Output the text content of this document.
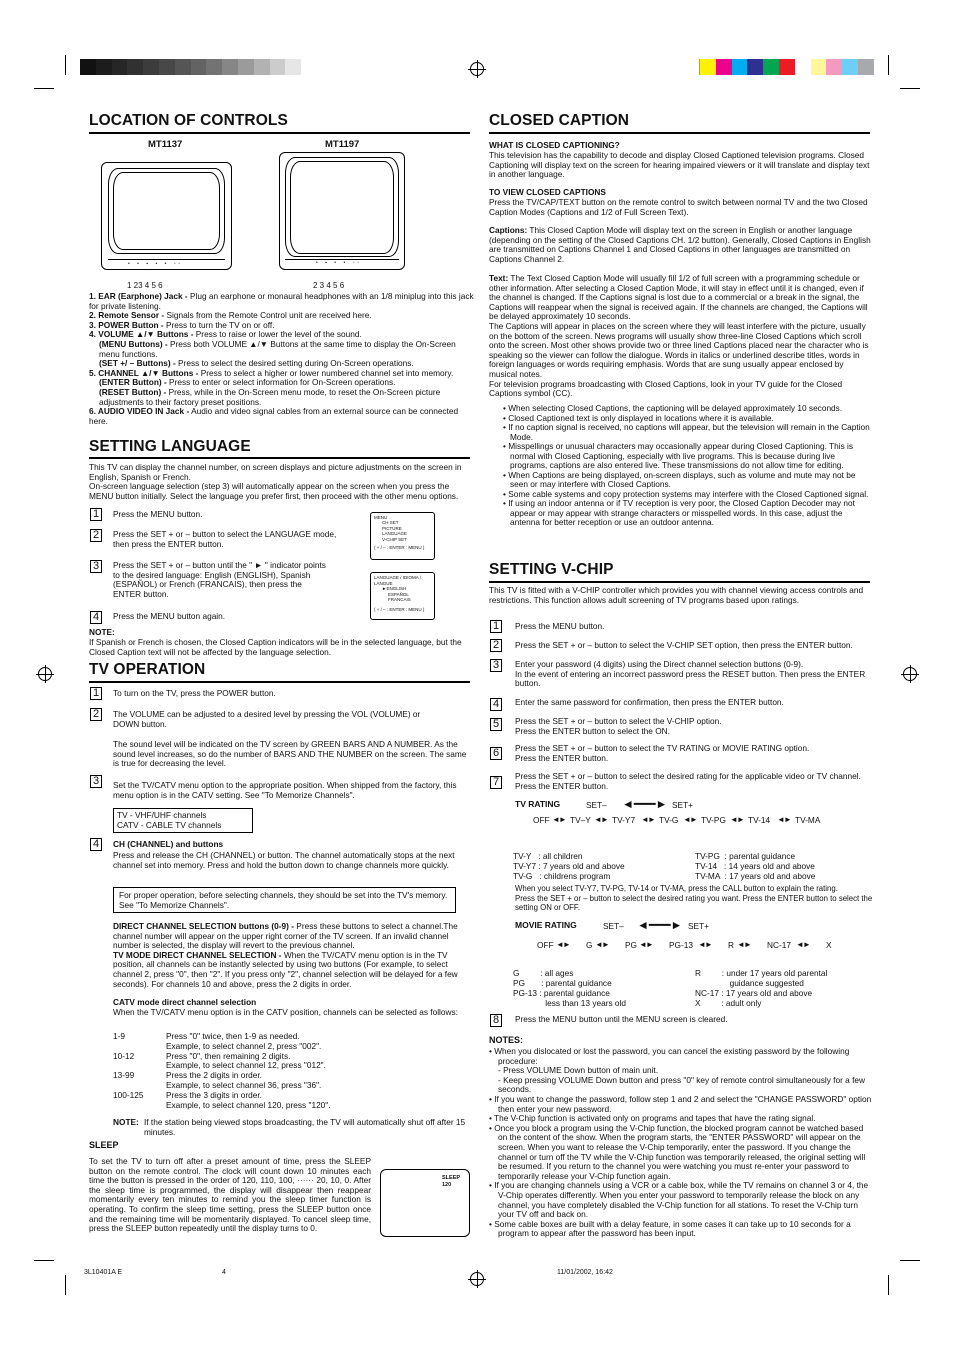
LOCATION OF CONTROLS
MT1137	MT1197
• • ▪ • • ▫▫
1 23 4 5 6
• ▪ • • ▫▫
2 3 4 5 6
1. EAR (Earphone) Jack - Plug an earphone or monaural headphones with an 1/8 miniplug into this jack for private listening.
2. Remote Sensor - Signals from the Remote Control unit are received here.
3. POWER Button - Press to turn the TV on or off.
4. VOLUME ▲/▼ Buttons - Press to raise or lower the level of the sound.
(MENU Buttons) - Press both VOLUME ▲/▼ Buttons at the same time to display the On-Screen menu functions.
(SET +/ – Buttons) - Press to select the desired setting during On-Screen operations.
5. CHANNEL ▲/▼ Buttons - Press to select a higher or lower numbered channel set into memory.
(ENTER Button) - Press to enter or select information for On-Screen operations.
(RESET Button) - Press, while in the On-Screen menu mode, to reset the On-Screen picture adjustments to their factory preset positions.
6. AUDIO VIDEO IN Jack - Audio and video signal cables from an external source can be connected here.
SETTING LANGUAGE
This TV can display the channel number, on screen displays and picture adjustments on the screen in English, Spanish or French.
On-screen language selection (step 3) will automatically appear on the screen when you press the MENU button initially. Select the language you prefer first, then proceed with the other menu options.
1	Press the MENU button.
2	Press the SET + or – button to select the LANGUAGE mode, then press the ENTER button.
3	Press the SET + or – button until the " ► " indicator points to the desired language: English (ENGLISH), Spanish (ESPAÑOL) or French (FRANCAIS), then press the ENTER button.
4	Press the MENU button again.
MENU
CH SET
PICTURE
LANGUAGE
V-CHIP SET
( + / – : ENTER : MENU )
LANGUAGE / IDIOMA / LANGUE
►ENGLISH
ESPAÑOL
FRANCAIS
( + / – : ENTER : MENU )
NOTE:
If Spanish or French is chosen, the Closed Caption indicators will be in the selected language, but the Closed Caption text will not be affected by the language selection.
TV OPERATION
1	To turn on the TV, press the POWER button.
2	The VOLUME can be adjusted to a desired level by pressing the VOL (VOLUME) or
DOWN button.
The sound level will be indicated on the TV screen by GREEN BARS AND A NUMBER. As the sound level increases, so do the number of BARS AND THE NUMBER on the screen. The same is true for decreasing the level.
3	Set the TV/CATV menu option to the appropriate position. When shipped from the factory, this menu option is in the CATV setting. See "To Memorize Channels".
TV - VHF/UHF channels
CATV - CABLE TV channels
4	CH (CHANNEL) and buttons
Press and release the CH (CHANNEL) or button. The channel automatically stops at the next channel set into memory. Press and hold the button down to change channels more quickly.
For proper operation, before selecting channels, they should be set into the TV's memory. See "To Memorize Channels".
DIRECT CHANNEL SELECTION buttons (0-9) - Press these buttons to select a channel.The channel number will appear on the upper right corner of the TV screen. If an invalid channel number is selected, the display will revert to the previous channel.
TV MODE DIRECT CHANNEL SELECTION - When the TV/CATV menu option is in the TV position, all channels can be instantly selected by using two buttons (For example, to select channel 2, press "0", then "2". If you press only "2", channel selection will be delayed for a few seconds). For channels 10 and above, press the 2 digits in order.
CATV mode direct channel selection
When the TV/CATV menu option is in the CATV position, channels can be selected as follows:
1-9	Press "0" twice, then 1-9 as needed.
Example, to select channel 2, press "002".
10-12	Press "0", then remaining 2 digits.
Example, to select channel 12, press "012".
13-99	Press the 2 digits in order.
Example, to select channel 36, press "36".
100-125	Press the 3 digits in order.
Example, to select channel 120, press "120".
NOTE: If the station being viewed stops broadcasting, the TV will automatically shut off after 15 minutes.
SLEEP
To set the TV to turn off after a preset amount of time, press the SLEEP button on the remote control. The clock will count down 10 minutes each time the button is pressed in the order of 120, 110, 100, ······ 20, 10, 0. After the sleep time is programmed, the display will disappear then reappear momentarily every ten minutes to remind you the sleep timer function is operating. To confirm the sleep time setting, press the SLEEP button once and the remaining time will be momentarily displayed. To cancel sleep time, press the SLEEP button repeatedly until the display turns to 0.
SLEEP
120
CLOSED CAPTION
WHAT IS CLOSED CAPTIONING?
This television has the capability to decode and display Closed Captioned television programs. Closed Captioning will display text on the screen for hearing impaired viewers or it will translate and display text in another language.
TO VIEW CLOSED CAPTIONS
Press the TV/CAP/TEXT button on the remote control to switch between normal TV and the two Closed Caption Modes (Captions and 1/2 of Full Screen Text).
Captions: This Closed Caption Mode will display text on the screen in English or another language (depending on the setting of the Closed Captions CH. 1/2 button). Generally, Closed Captions in English are transmitted on Captions Channel 1 and Closed Captions in other languages are transmitted on Captions Channel 2.
Text: The Text Closed Caption Mode will usually fill 1/2 of full screen with a programming schedule or other information. After selecting a Closed Caption Mode, it will stay in effect until it is changed, even if the channel is changed. If the Captions signal is lost due to a commercial or a break in the signal, the Captions will reappear when the signal is received again. If the channels are changed, the Captions will be delayed approximately 10 seconds.
The Captions will appear in places on the screen where they will least interfere with the picture, usually on the bottom of the screen. News programs will usually show three-line Closed Captions which scroll onto the screen. Most other shows provide two or three lined Captions placed near the character who is speaking so the viewer can follow the dialogue. Words in italics or underlined describe titles, words in foreign languages or words requiring emphasis. Words that are sung usually appear enclosed by musical notes.
For television programs broadcasting with Closed Captions, look in your TV guide for the Closed Captions symbol (CC).
• When selecting Closed Captions, the captioning will be delayed approximately 10 seconds.
• Closed Captioned text is only displayed in locations where it is available.
• If no caption signal is received, no captions will appear, but the television will remain in the Caption Mode.
• Misspellings or unusual characters may occasionally appear during Closed Captioning. This is normal with Closed Captioning, especially with live programs. This is because during live programs, captions are also entered live. These transmissions do not allow time for editing.
• When Captions are being displayed, on-screen displays, such as volume and mute may not be seen or may interfere with Closed Captions.
• Some cable systems and copy protection systems may interfere with the Closed Captioned signal.
• If using an indoor antenna or if TV reception is very poor, the Closed Caption Decoder may not appear or may appear with strange characters or misspelled words. In this case, adjust the antenna for better reception or use an outdoor antenna.
SETTING V-CHIP
This TV is fitted with a V-CHIP controller which provides you with channel viewing access controls and restrictions. This function allows adult screening of TV programs based upon ratings.
1	Press the MENU button.
2	Press the SET + or – button to select the V-CHIP SET option, then press the ENTER button.
3	Enter your password (4 digits) using the Direct channel selection buttons (0-9).
In the event of entering an incorrect password press the RESET button. Then press the ENTER button.
4	Enter the same password for confirmation, then press the ENTER button.
5	Press the SET + or – button to select the V-CHIP option.
Press the ENTER button to select the ON.
6	Press the SET + or – button to select the TV RATING or MOVIE RATING option.
Press the ENTER button.
7	Press the SET + or – button to select the desired rating for the applicable video or TV channel. Press the ENTER button.
TV RATING	SET–	SET+
◄━━━►
OFF ◄► TV–Y ◄► TV-Y7 ◄► TV-G ◄► TV-PG ◄► TV-14 ◄► TV-MA
TV-Y   : all children
TV-Y7 : 7 years old and above
TV-G   : childrens program
TV-PG  : parental guidance
TV-14   : 14 years old and above
TV-MA  : 17 years old and above
When you select TV-Y7, TV-PG, TV-14 or TV-MA, press the CALL button to explain the rating.
Press the SET + or – button to select the desired rating you want. Press the ENTER button to select the setting ON or OFF.
MOVIE RATING	SET–	SET+
◄━━━►
OFF ◄► G ◄► PG ◄► PG-13 ◄► R ◄► NC-17 ◄► X
G         : all ages
PG       : parental guidance
PG-13 : parental guidance
less than 13 years old
R         : under 17 years old parental
guidance suggested
NC-17 : 17 years old and above
X         : adult only
8	Press the MENU button until the MENU screen is cleared.
NOTES:
• When you dislocated or lost the password, you can cancel the existing password by the following procedure:
- Press VOLUME Down button of main unit.
- Keep pressing VOLUME Down button and press "0" key of remote control simultaneously for a few seconds.
• If you want to change the password, follow step 1 and 2 and select the "CHANGE PASSWORD" option then enter your new password.
• The V-Chip function is activated only on programs and tapes that have the rating signal.
• Once you block a program using the V-Chip function, the blocked program cannot be watched based on the content of the show. When the program starts, the "ENTER PASSWORD" will appear on the screen. When you want to release the V-Chip temporarily, enter the password. If you change the channel or turn off the TV while the V-Chip function was temporarily released, the original setting will be resumed. If you return to the channel you were watching you must re-enter your password to temporarily release your V-Chip function again.
• If you are changing channels using a VCR or a cable box, while the TV remains on channel 3 or 4, the V-Chip operates differently. When you enter your password to temporarily release the block on any channel, you have completely disabled the V-Chip function for all stations. To reset the V-Chip turn your TV off and back on.
• Some cable boxes are built with a delay feature, in some cases it can take up to 10 seconds for a program to appear after the password has been input.
3L10401A E	4	11/01/2002, 16:42
